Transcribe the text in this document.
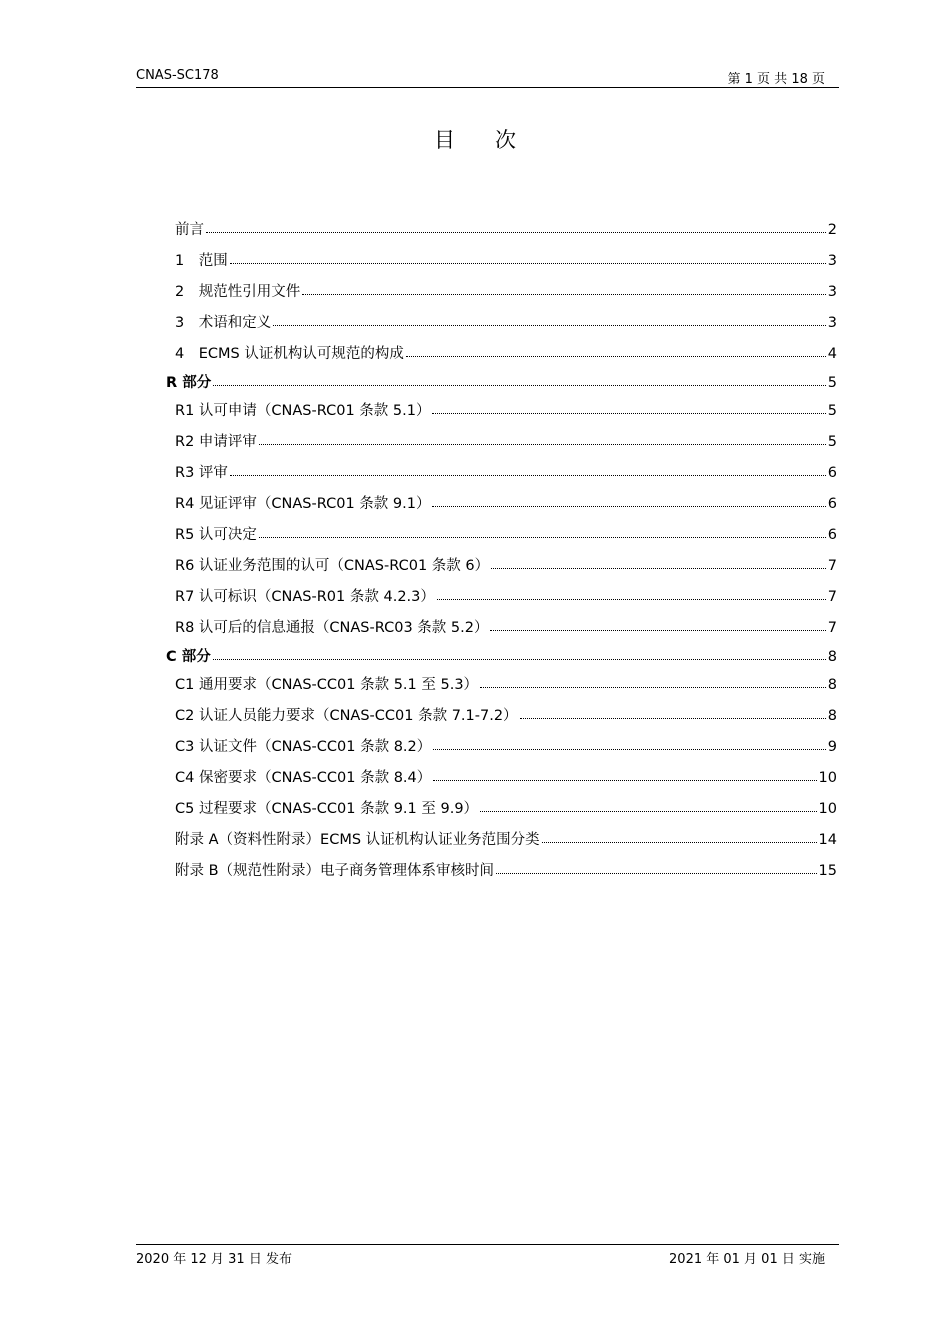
CNAS-SC178	第 1 页 共 18 页
目次
前言	2
1　范围	3
2　规范性引用文件	3
3　术语和定义	3
4　ECMS 认证机构认可规范的构成	4
R 部分	5
R1 认可申请（CNAS-RC01 条款 5.1）	5
R2 申请评审	5
R3 评审	6
R4 见证评审（CNAS-RC01 条款 9.1）	6
R5 认可决定	6
R6 认证业务范围的认可（CNAS-RC01 条款 6）	7
R7 认可标识（CNAS-R01 条款 4.2.3）	7
R8 认可后的信息通报（CNAS-RC03 条款 5.2）	7
C 部分	8
C1 通用要求（CNAS-CC01 条款 5.1 至 5.3）	8
C2 认证人员能力要求（CNAS-CC01 条款 7.1-7.2）	8
C3 认证文件（CNAS-CC01 条款 8.2）	9
C4 保密要求（CNAS-CC01 条款 8.4）	10
C5 过程要求（CNAS-CC01 条款 9.1 至 9.9）	10
附录 A（资料性附录）ECMS 认证机构认证业务范围分类	14
附录 B（规范性附录）电子商务管理体系审核时间	15
2020 年 12 月 31 日 发布	2021 年 01 月 01 日 实施
